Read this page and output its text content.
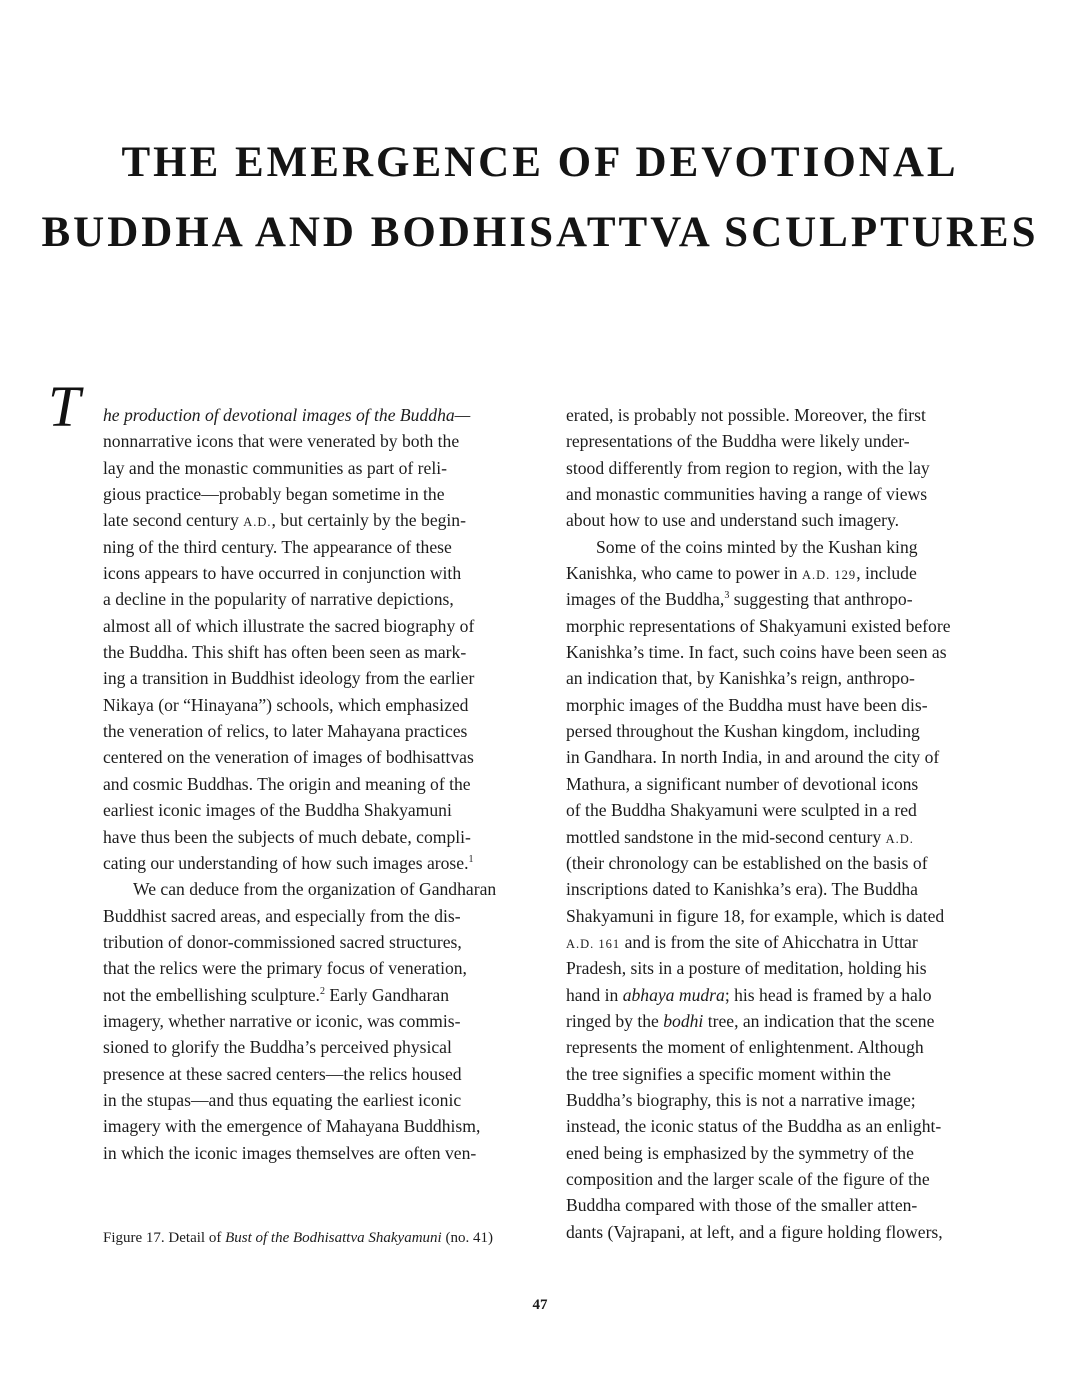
THE EMERGENCE OF DEVOTIONAL
BUDDHA AND BODHISATTVA SCULPTURES
T he production of devotional images of the Buddha—
nonnarrative icons that were venerated by both the
lay and the monastic communities as part of reli-
gious practice—probably began sometime in the
late second century A.D., but certainly by the begin-
ning of the third century. The appearance of these
icons appears to have occurred in conjunction with
a decline in the popularity of narrative depictions,
almost all of which illustrate the sacred biography of
the Buddha. This shift has often been seen as mark-
ing a transition in Buddhist ideology from the earlier
Nikaya (or “Hinayana”) schools, which emphasized
the veneration of relics, to later Mahayana practices
centered on the veneration of images of bodhisattvas
and cosmic Buddhas. The origin and meaning of the
earliest iconic images of the Buddha Shakyamuni
have thus been the subjects of much debate, compli-
cating our understanding of how such images arose.$^1$
We can deduce from the organization of Gandharan
Buddhist sacred areas, and especially from the dis-
tribution of donor-commissioned sacred structures,
that the relics were the primary focus of veneration,
not the embellishing sculpture.$^2$ Early Gandharan
imagery, whether narrative or iconic, was commis-
sioned to glorify the Buddha’s perceived physical
presence at these sacred centers—the relics housed
in the stupas—and thus equating the earliest iconic
imagery with the emergence of Mahayana Buddhism,
in which the iconic images themselves are often ven-
erated, is probably not possible. Moreover, the first
representations of the Buddha were likely under-
stood differently from region to region, with the lay
and monastic communities having a range of views
about how to use and understand such imagery.
Some of the coins minted by the Kushan king
Kanishka, who came to power in A.D. 129, include
images of the Buddha,$^3$ suggesting that anthropo-
morphic representations of Shakyamuni existed before
Kanishka’s time. In fact, such coins have been seen as
an indication that, by Kanishka’s reign, anthropo-
morphic images of the Buddha must have been dis-
persed throughout the Kushan kingdom, including
in Gandhara. In north India, in and around the city of
Mathura, a significant number of devotional icons
of the Buddha Shakyamuni were sculpted in a red
mottled sandstone in the mid-second century A.D.
(their chronology can be established on the basis of
inscriptions dated to Kanishka’s era). The Buddha
Shakyamuni in figure 18, for example, which is dated
A.D. 161 and is from the site of Ahicchatra in Uttar
Pradesh, sits in a posture of meditation, holding his
hand in abhaya mudra; his head is framed by a halo
ringed by the bodhi tree, an indication that the scene
represents the moment of enlightenment. Although
the tree signifies a specific moment within the
Buddha’s biography, this is not a narrative image;
instead, the iconic status of the Buddha as an enlight-
ened being is emphasized by the symmetry of the
composition and the larger scale of the figure of the
Buddha compared with those of the smaller atten-
dants (Vajrapani, at left, and a figure holding flowers,
Figure 17. Detail of Bust of the Bodhisattva Shakyamuni (no. 41)
47
